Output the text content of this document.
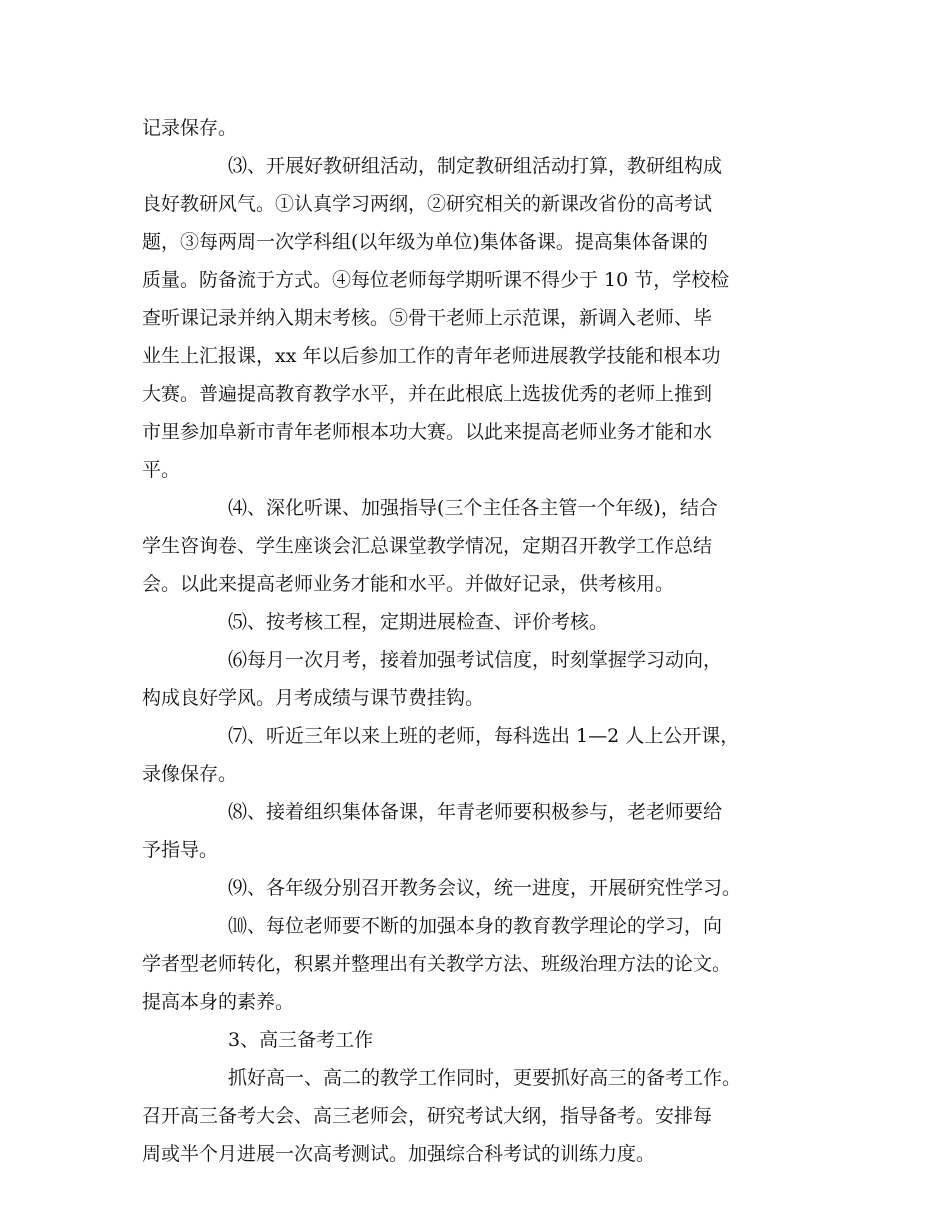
记录保存。
⑶、开展好教研组活动，制定教研组活动打算，教研组构成
良好教研风气。①认真学习两纲，②研究相关的新课改省份的高考试
题，③每两周一次学科组(以年级为单位)集体备课。提高集体备课的
质量。防备流于方式。④每位老师每学期听课不得少于 10 节，学校检
查听课记录并纳入期末考核。⑤骨干老师上示范课，新调入老师、毕
业生上汇报课，xx 年以后参加工作的青年老师进展教学技能和根本功
大赛。普遍提高教育教学水平，并在此根底上选拔优秀的老师上推到
市里参加阜新市青年老师根本功大赛。以此来提高老师业务才能和水
平。
⑷、深化听课、加强指导(三个主任各主管一个年级)，结合
学生咨询卷、学生座谈会汇总课堂教学情况，定期召开教学工作总结
会。以此来提高老师业务才能和水平。并做好记录，供考核用。
⑸、按考核工程，定期进展检查、评价考核。
⑹每月一次月考，接着加强考试信度，时刻掌握学习动向，
构成良好学风。月考成绩与课节费挂钩。
⑺、听近三年以来上班的老师，每科选出 1—2 人上公开课，
录像保存。
⑻、接着组织集体备课，年青老师要积极参与，老老师要给
予指导。
⑼、各年级分别召开教务会议，统一进度，开展研究性学习。
⑽、每位老师要不断的加强本身的教育教学理论的学习，向
学者型老师转化，积累并整理出有关教学方法、班级治理方法的论文。
提高本身的素养。
3、高三备考工作
抓好高一、高二的教学工作同时，更要抓好高三的备考工作。
召开高三备考大会、高三老师会，研究考试大纲，指导备考。安排每
周或半个月进展一次高考测试。加强综合科考试的训练力度。
